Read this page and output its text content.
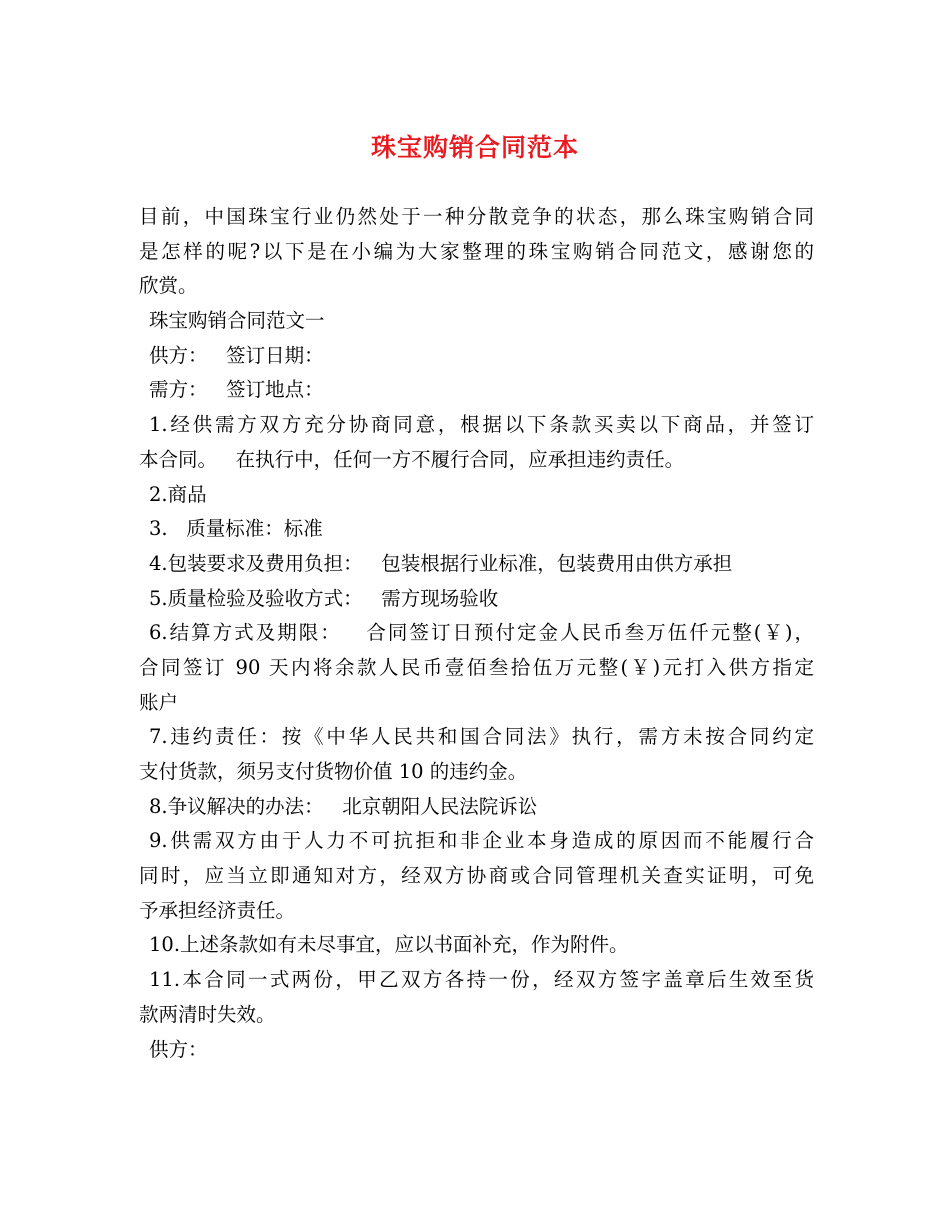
珠宝购销合同范本
目前，中国珠宝行业仍然处于一种分散竞争的状态，那么珠宝购销合同
是怎样的呢?以下是在小编为大家整理的珠宝购销合同范文，感谢您的
欣赏。
珠宝购销合同范文一
供方：   签订日期：
需方：   签订地点：
1.经供需方双方充分协商同意，根据以下条款买卖以下商品，并签订
本合同。   在执行中，任何一方不履行合同，应承担违约责任。
2.商品
3.   质量标准：标准
4.包装要求及费用负担：   包装根据行业标准，包装费用由供方承担
5.质量检验及验收方式：   需方现场验收
6.结算方式及期限：   合同签订日预付定金人民币叁万伍仟元整(￥)，
合同签订 90 天内将余款人民币壹佰叁拾伍万元整(￥)元打入供方指定
账户
7.违约责任：按《中华人民共和国合同法》执行，需方未按合同约定
支付货款，须另支付货物价值 10 的违约金。
8.争议解决的办法：   北京朝阳人民法院诉讼
9.供需双方由于人力不可抗拒和非企业本身造成的原因而不能履行合
同时，应当立即通知对方，经双方协商或合同管理机关查实证明，可免
予承担经济责任。
10.上述条款如有未尽事宜，应以书面补充，作为附件。
11.本合同一式两份，甲乙双方各持一份，经双方签字盖章后生效至货
款两清时失效。
供方：
